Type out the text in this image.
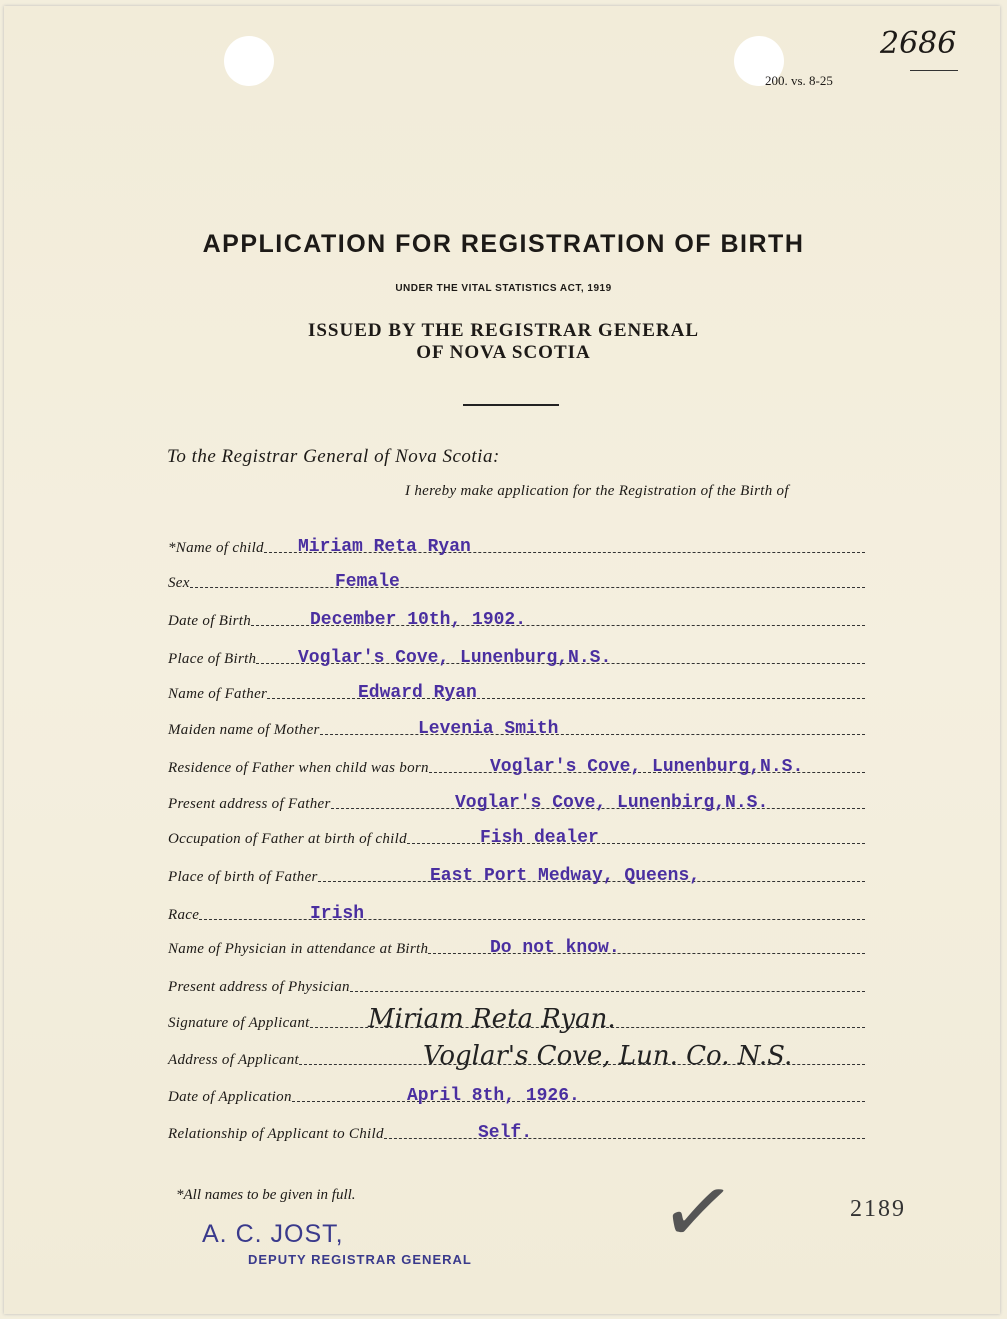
2686
200. vs. 8-25
APPLICATION FOR REGISTRATION OF BIRTH
UNDER THE VITAL STATISTICS ACT, 1919
ISSUED BY THE REGISTRAR GENERAL
OF NOVA SCOTIA
To the Registrar General of Nova Scotia:
I hereby make application for the Registration of the Birth of
*Name of child Miriam Reta Ryan
Sex	Female
Date of Birth	December 10th, 1902.
Place of Birth Voglar's Cove, Lunenburg,N.S.
Name of Father	Edward Ryan
Maiden name of Mother	Levenia Smith
Residence of Father when child was born	Voglar's Cove, Lunenburg,N.S.
Present address of Father	Voglar's Cove, Lunenbirg,N.S.
Occupation of Father at birth of child	Fish dealer
Place of birth of Father	East Port Medway, Queens,
Race	Irish
Name of Physician in attendance at Birth	Do not know.
Present address of Physician
Signature of Applicant Miriam Reta Ryan.
Address of Applicant	Voglar's Cove, Lun. Co. N.S.
Date of Application	April 8th, 1926.
Relationship of Applicant to Child	Self.
*All names to be given in full.
A. C. JOST,
DEPUTY REGISTRAR GENERAL ✓	2189
